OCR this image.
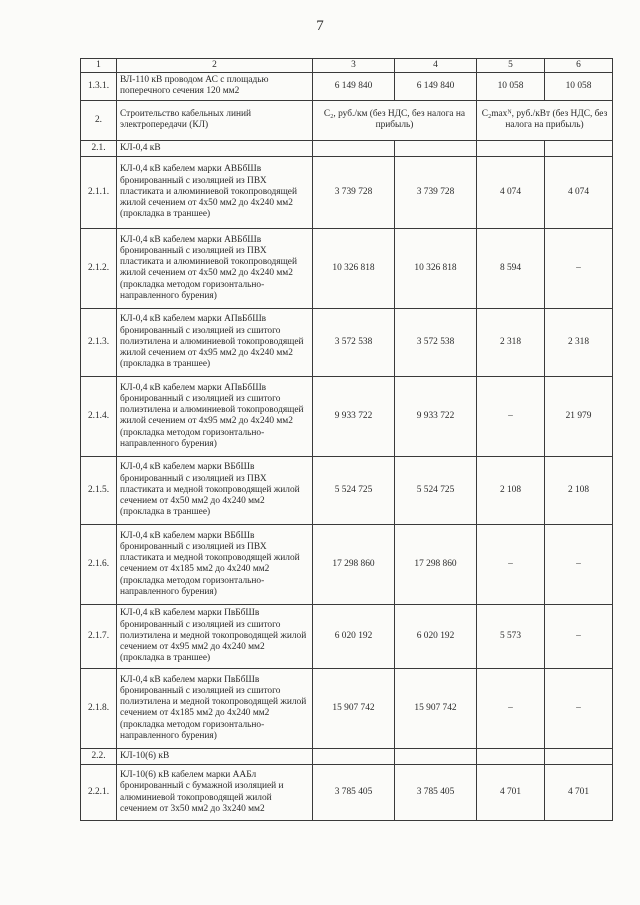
7
1	2	3	4	5	6
1.3.1.	ВЛ-110 кВ проводом АС с площадью поперечного сечения 120 мм2	6 149 840	6 149 840	10 058	10 058
2.	Строительство кабельных линий электропередачи (КЛ)	С₂, руб./км (без НДС, без налога на прибыль)		С₂maxᴺ, руб./кВт (без НДС, без налога на прибыль)	
2.1.	КЛ-0,4 кВ				
2.1.1.	КЛ-0,4 кВ кабелем марки АВБбШв бронированный с изоляцией из ПВХ пластиката и алюминиевой токопроводящей жилой сечением от 4х50 мм2 до 4х240 мм2 (прокладка в траншее)	3 739 728	3 739 728	4 074	4 074
2.1.2.	КЛ-0,4 кВ кабелем марки АВБбШв бронированный с изоляцией из ПВХ пластиката и алюминиевой токопроводящей жилой сечением от 4х50 мм2 до 4х240 мм2 (прокладка методом горизонтально-направленного бурения)	10 326 818	10 326 818	8 594	–
2.1.3.	КЛ-0,4 кВ кабелем марки АПвБбШв бронированный с изоляцией из сшитого полиэтилена и алюминиевой токопроводящей жилой сечением от 4х95 мм2 до 4х240 мм2 (прокладка в траншее)	3 572 538	3 572 538	2 318	2 318
2.1.4.	КЛ-0,4 кВ кабелем марки АПвБбШв бронированный с изоляцией из сшитого полиэтилена и алюминиевой токопроводящей жилой сечением от 4х95 мм2 до 4х240 мм2 (прокладка методом горизонтально-направленного бурения)	9 933 722	9 933 722	–	21 979
2.1.5.	КЛ-0,4 кВ кабелем марки ВБбШв бронированный с изоляцией из ПВХ пластиката и медной токопроводящей жилой сечением от 4х50 мм2 до 4х240 мм2 (прокладка в траншее)	5 524 725	5 524 725	2 108	2 108
2.1.6.	КЛ-0,4 кВ кабелем марки ВБбШв бронированный с изоляцией из ПВХ пластиката и медной токопроводящей жилой сечением от 4х185 мм2 до 4х240 мм2 (прокладка методом горизонтально-направленного бурения)	17 298 860	17 298 860	–	–
2.1.7.	КЛ-0,4 кВ кабелем марки ПвБбШв бронированный с изоляцией из сшитого полиэтилена и медной токопроводящей жилой сечением от 4х95 мм2 до 4х240 мм2 (прокладка в траншее)	6 020 192	6 020 192	5 573	–
2.1.8.	КЛ-0,4 кВ кабелем марки ПвБбШв бронированный с изоляцией из сшитого полиэтилена и медной токопроводящей жилой сечением от 4х185 мм2 до 4х240 мм2 (прокладка методом горизонтально-направленного бурения)	15 907 742	15 907 742	–	–
2.2.	КЛ-10(6) кВ				
2.2.1.	КЛ-10(6) кВ кабелем марки ААБл бронированный с бумажной изоляцией и алюминиевой токопроводящей жилой сечением от 3х50 мм2 до 3х240 мм2	3 785 405	3 785 405	4 701	4 701
